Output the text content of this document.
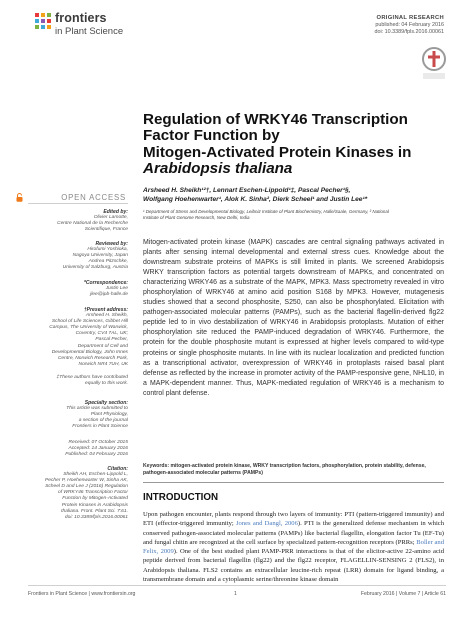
frontiers
in Plant Science
ORIGINAL RESEARCH
published: 04 February 2016
doi: 10.3389/fpls.2016.00061
Regulation of WRKY46 Transcription
Factor Function by
Mitogen-Activated Protein Kinases in
Arabidopsis thaliana
Arsheed H. Sheikh¹²†, Lennart Eschen-Lippold¹‡, Pascal Pecher¹§,
Wolfgang Hoehenwarter¹, Alok K. Sinha², Dierk Scheel¹ and Justin Lee¹*
¹ Department of Stress and Developmental Biology, Leibniz Institute of Plant Biochemistry, Halle/Saale, Germany, ² National
Institute of Plant Genome Research, New Delhi, India
OPEN ACCESS
Edited by:
Olivier Lamotte,
Centre National de la Recherche
Scientifique, France
Reviewed by:
Hirofumi Yoshioka,
Nagoya University, Japan
Andrea Pitzschke,
University of Salzburg, Austria
*Correspondence:
Justin Lee
jlee@ipb-halle.de
†Present address:
Arsheed H. Sheikh,
School of Life Sciences, Gibbet Hill
Campus, The University of Warwick,
Coventry, CV4 7AL, UK;
Pascal Pecher,
Department of Cell and
Developmental Biology, John Innes
Centre, Norwich Research Park,
Norwich NR4 7UH, UK
‡These authors have contributed
equally to this work.
Specialty section:
This article was submitted to
Plant Physiology,
a section of the journal
Frontiers in Plant Science
Received: 07 October 2015
Accepted: 14 January 2016
Published: 04 February 2016
Citation:
Sheikh AH, Eschen-Lippold L,
Pecher P, Hoehenwarter W, Sinha AK,
Scheel D and Lee J (2016) Regulation
of WRKY46 Transcription Factor
Function by Mitogen-Activated
Protein Kinases in Arabidopsis
thaliana. Front. Plant Sci. 7:61.
doi: 10.3389/fpls.2016.00061
Mitogen-activated protein kinase (MAPK) cascades are central signaling pathways activated in plants after sensing internal developmental and external stress cues. Knowledge about the downstream substrate proteins of MAPKs is still limited in plants. We screened Arabidopsis WRKY transcription factors as potential targets downstream of MAPKs, and concentrated on characterizing WRKY46 as a substrate of the MAPK, MPK3. Mass spectrometry revealed in vitro phosphorylation of WRKY46 at amino acid position S168 by MPK3. However, mutagenesis studies showed that a second phosphosite, S250, can also be phosphorylated. Elicitation with pathogen-associated molecular patterns (PAMPs), such as the bacterial flagellin-derived flg22 peptide led to in vivo destabilization of WRKY46 in Arabidopsis protoplasts. Mutation of either phosphorylation site reduced the PAMP-induced degradation of WRKY46. Furthermore, the protein for the double phosphosite mutant is expressed at higher levels compared to wild-type proteins or single phosphosite mutants. In line with its nuclear localization and predicted function as a transcriptional activator, overexpression of WRKY46 in protoplasts raised basal plant defense as reflected by the increase in promoter activity of the PAMP-responsive gene, NHL10, in a MAPK-dependent manner. Thus, MAPK-mediated regulation of WRKY46 is a mechanism to control plant defense.
Keywords: mitogen-activated protein kinase, WRKY transcription factors, phosphorylation, protein stability, defense, pathogen-associated molecular patterns (PAMPs)
INTRODUCTION
Upon pathogen encounter, plants respond through two layers of immunity: PTI (pattern-triggered immunity) and ETI (effector-triggered immunity; Jones and Dangl, 2006). PTI is the generalized defense mechanism in which conserved pathogen-associated molecular patterns (PAMPs) like bacterial flagellin, elongation factor Tu (EF-Tu) and fungal chitin are recognized at the cell surface by specialized pattern-recognition receptors (PRRs; Boller and Felix, 2009). One of the best studied plant PAMP-PRR interactions is that of the elicitor-active 22-amino acid peptide derived from bacterial flagellin (flg22) and the flg22 receptor, FLAGELLIN-SENSING 2 (FLS2), in Arabidopsis thaliana. FLS2 contains an extracellular leucine-rich repeat (LRR) domain for ligand binding, a transmembrane domain and a cytoplasmic serine/threonine kinase domain
Frontiers in Plant Science | www.frontiersin.org	1	February 2016 | Volume 7 | Article 61
